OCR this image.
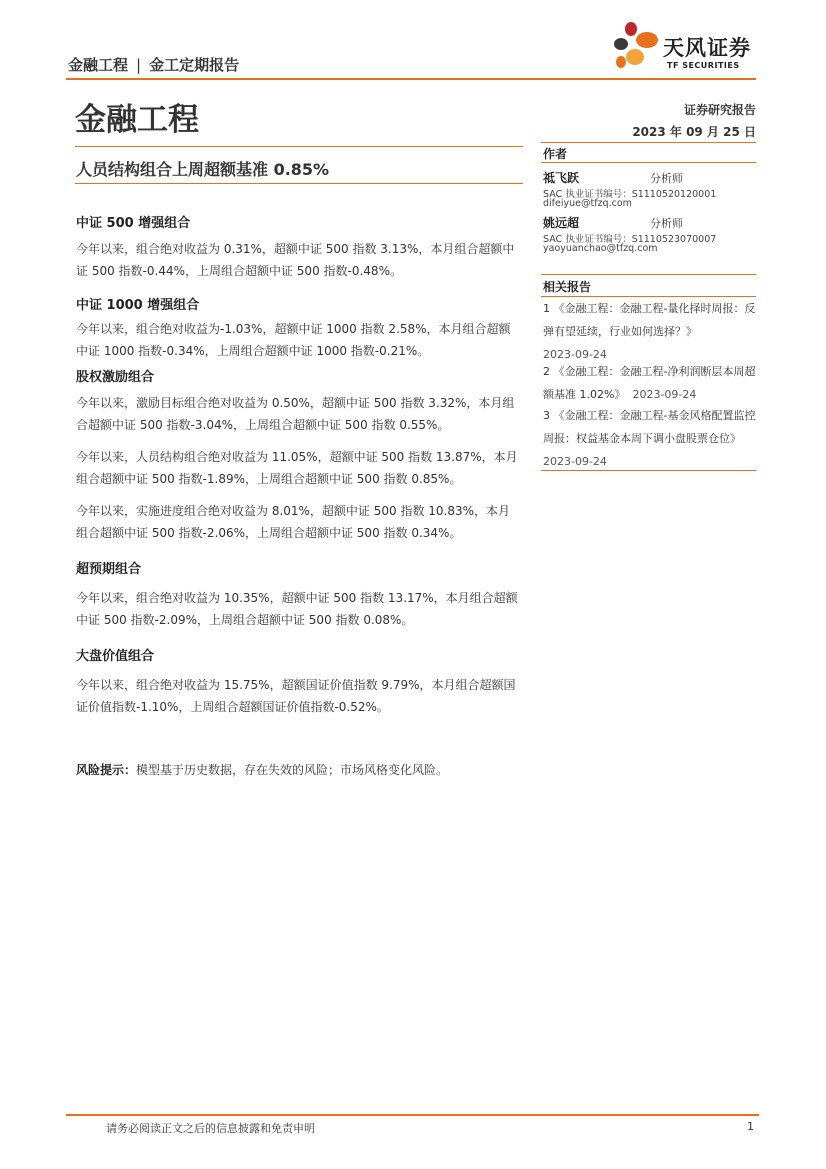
金融工程 | 金工定期报告
天风证券
TF SECURITIES
金融工程	证券研究报告
2023 年 09 月 25 日
人员结构组合上周超额基准 0.85%
中证 500 增强组合
今年以来，组合绝对收益为 0.31%，超额中证 500 指数 3.13%，本月组合超额中证 500 指数-0.44%，上周组合超额中证 500 指数-0.48%。
中证 1000 增强组合
今年以来，组合绝对收益为-1.03%，超额中证 1000 指数 2.58%，本月组合超额中证 1000 指数-0.34%，上周组合超额中证 1000 指数-0.21%。
股权激励组合
今年以来，激励目标组合绝对收益为 0.50%，超额中证 500 指数 3.32%，本月组合超额中证 500 指数-3.04%，上周组合超额中证 500 指数 0.55%。
今年以来，人员结构组合绝对收益为 11.05%，超额中证 500 指数 13.87%，本月组合超额中证 500 指数-1.89%，上周组合超额中证 500 指数 0.85%。
今年以来，实施进度组合绝对收益为 8.01%，超额中证 500 指数 10.83%，本月组合超额中证 500 指数-2.06%，上周组合超额中证 500 指数 0.34%。
超预期组合
今年以来，组合绝对收益为 10.35%，超额中证 500 指数 13.17%，本月组合超额中证 500 指数-2.09%，上周组合超额中证 500 指数 0.08%。
大盘价值组合
今年以来，组合绝对收益为 15.75%，超额国证价值指数 9.79%，本月组合超额国证价值指数-1.10%，上周组合超额国证价值指数-0.52%。
风险提示：模型基于历史数据，存在失效的风险；市场风格变化风险。
作者
祗飞跃	分析师
SAC 执业证书编号：S1110520120001
difeiyue@tfzq.com
姚远超	分析师
SAC 执业证书编号：S1110523070007
yaoyuanchao@tfzq.com
相关报告
1 《金融工程：金融工程-量化择时周报：反弹有望延续，行业如何选择？》
2023-09-24
2 《金融工程：金融工程-净利润断层本周超额基准 1.02%》 2023-09-24
3 《金融工程：金融工程-基金风格配置监控周报：权益基金本周下调小盘股票仓位》  2023-09-24
请务必阅读正文之后的信息披露和免责申明	1
